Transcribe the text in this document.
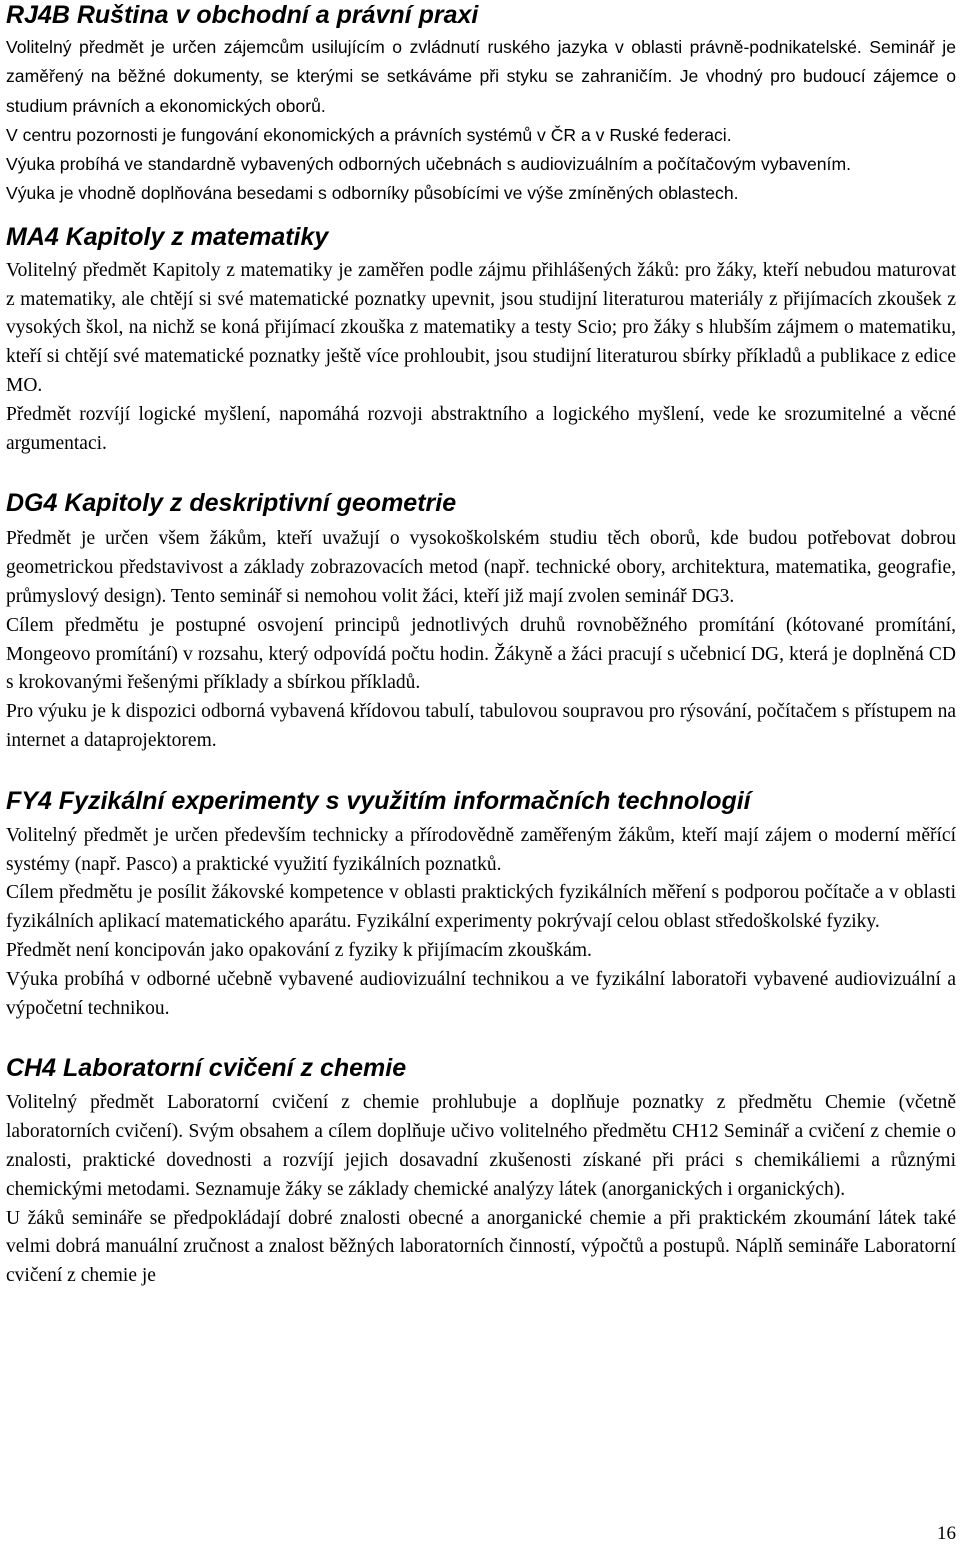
RJ4B Ruština v obchodní a právní praxi

Volitelný předmět je určen zájemcům usilujícím o zvládnutí ruského jazyka v oblasti právně-podnikatelské. Seminář je zaměřený na běžné dokumenty, se kterými se setkáváme při styku se zahraničím. Je vhodný pro budoucí zájemce o studium právních a ekonomických oborů.

V centru pozornosti je fungování ekonomických a právních systémů v ČR a v Ruské federaci.

Výuka probíhá ve standardně vybavených odborných učebnách s audiovizuálním a počítačovým vybavením.

Výuka je vhodně doplňována besedami s odborníky působícími ve výše zmíněných oblastech.

MA4 Kapitoly z matematiky

Volitelný předmět Kapitoly z matematiky je zaměřen podle zájmu přihlášených žáků: pro žáky, kteří nebudou maturovat z matematiky, ale chtějí si své matematické poznatky upevnit, jsou studijní literaturou materiály z přijímacích zkoušek z vysokých škol, na nichž se koná přijímací zkouška z matematiky a testy Scio; pro žáky s hlubším zájmem o matematiku, kteří si chtějí své matematické poznatky ještě více prohloubit, jsou studijní literaturou sbírky příkladů a publikace z edice MO.

Předmět rozvíjí logické myšlení, napomáhá rozvoji abstraktního a logického myšlení, vede ke srozumitelné a věcné argumentaci.

DG4 Kapitoly z deskriptivní geometrie

Předmět je určen všem žákům, kteří uvažují o vysokoškolském studiu těch oborů, kde budou potřebovat dobrou geometrickou představivost a základy zobrazovacích metod (např. technické obory, architektura, matematika, geografie, průmyslový design). Tento seminář si nemohou volit žáci, kteří již mají zvolen seminář DG3.

Cílem předmětu je postupné osvojení principů jednotlivých druhů rovnoběžného promítání (kótované promítání, Mongeovo promítání) v rozsahu, který odpovídá počtu hodin. Žákyně a žáci pracují s učebnicí DG, která je doplněná CD s krokovanými řešenými příklady a sbírkou příkladů.

Pro výuku je k dispozici odborná vybavená křídovou tabulí, tabulovou soupravou pro rýsování, počítačem s přístupem na internet a dataprojektorem.

FY4 Fyzikální experimenty s využitím informačních technologií

Volitelný předmět je určen především technicky a přírodovědně zaměřeným žákům, kteří mají zájem o moderní měřící systémy (např. Pasco) a praktické využití fyzikálních poznatků.

Cílem předmětu je posílit žákovské kompetence v oblasti praktických fyzikálních měření s podporou počítače a v oblasti fyzikálních aplikací matematického aparátu. Fyzikální experimenty pokrývají celou oblast středoškolské fyziky.

Předmět není koncipován jako opakování z fyziky k přijímacím zkouškám.

Výuka probíhá v odborné učebně vybavené audiovizuální technikou a ve fyzikální laboratoři vybavené audiovizuální a výpočetní technikou.

CH4 Laboratorní cvičení z chemie

Volitelný předmět Laboratorní cvičení z chemie prohlubuje a doplňuje poznatky z předmětu Chemie (včetně laboratorních cvičení). Svým obsahem a cílem doplňuje učivo volitelného předmětu CH12 Seminář a cvičení z chemie o znalosti, praktické dovednosti a rozvíjí jejich dosavadní zkušenosti získané při práci s chemikáliemi a různými chemickými metodami. Seznamuje žáky se základy chemické analýzy látek (anorganických i organických).

U žáků semináře se předpokládají dobré znalosti obecné a anorganické chemie a při praktickém zkoumání látek také velmi dobrá manuální zručnost a znalost běžných laboratorních činností, výpočtů a postupů. Náplň semináře Laboratorní cvičení z chemie je

16
